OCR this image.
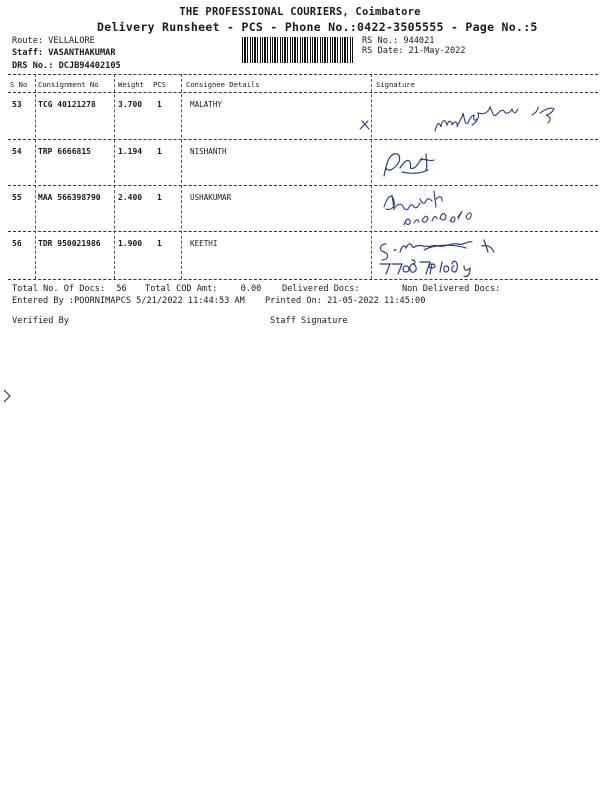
THE PROFESSIONAL COURIERS, Coimbatore
Delivery Runsheet - PCS - Phone No.:0422-3505555 - Page No.:5
Route: VELLALORE
Staff: VASANTHAKUMAR
DRS No.: DCJB94402105
RS No.: 944021
RS Date: 21-May-2022
S No Consignment No	Weight PCS	Consignee Details	Signature
53 TCG 40121278	3.700 1	MALATHY
54 TRP 6666815	1.194 1	NISHANTH
55 MAA 566398790 2.400 1	USHAKUMAR
56 TDR 950021986 1.900 1	KEETHI
Total No. Of Docs: 56 Total COD Amt:	0.00 Delivered Docs:	Non Delivered Docs:
Entered By :POORNIMAPCS 5/21/2022 11:44:53 AM Printed On: 21-05-2022 11:45:00
Verified By	Staff Signature
